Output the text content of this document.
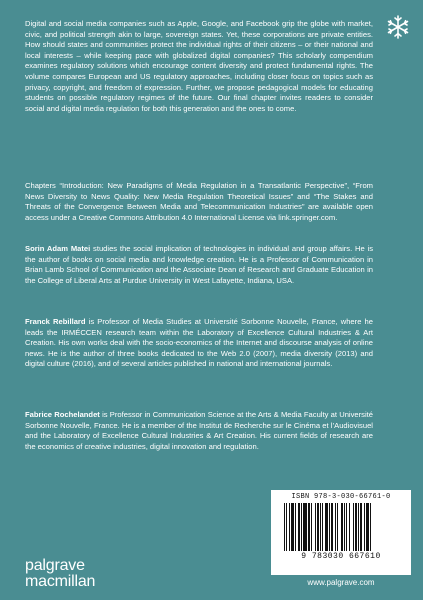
Digital and social media companies such as Apple, Google, and Facebook grip the globe with market, civic, and political strength akin to large, sovereign states. Yet, these corporations are private entities. How should states and communities protect the individual rights of their citizens – or their national and local interests – while keeping pace with globalized digital companies? This scholarly compendium examines regulatory solutions which encourage content diversity and protect fundamental rights. The volume compares European and US regulatory approaches, including closer focus on topics such as privacy, copyright, and freedom of expression. Further, we propose pedagogical models for educating students on possible regulatory regimes of the future. Our final chapter invites readers to consider social and digital media regulation for both this generation and the ones to come.

Chapters “Introduction: New Paradigms of Media Regulation in a Transatlantic Perspective”, “From News Diversity to News Quality: New Media Regulation Theoretical Issues” and “The Stakes and Threats of the Convergence Between Media and Telecommunication Industries” are available open access under a Creative Commons Attribution 4.0 International License via link.springer.com.

Sorin Adam Matei studies the social implication of technologies in individual and group affairs. He is the author of books on social media and knowledge creation. He is a Professor of Communication in Brian Lamb School of Communication and the Associate Dean of Research and Graduate Education in the College of Liberal Arts at Purdue University in West Lafayette, Indiana, USA.

Franck Rebillard is Professor of Media Studies at Université Sorbonne Nouvelle, France, where he leads the IRMÉCCEN research team within the Laboratory of Excellence Cultural Industries & Art Creation. His own works deal with the socio-economics of the Internet and discourse analysis of online news. He is the author of three books dedicated to the Web 2.0 (2007), media diversity (2013) and digital culture (2016), and of several articles published in national and international journals.

Fabrice Rochelandet is Professor in Communication Science at the Arts & Media Faculty at Université Sorbonne Nouvelle, France. He is a member of the Institut de Recherche sur le Cinéma et l’Audiovisuel and the Laboratory of Excellence Cultural Industries & Art Creation. His current fields of research are the economics of creative industries, digital innovation and regulation.

ISBN 978-3-030-66761-0
9 783030 667610
www.palgrave.com
palgrave
macmillan
